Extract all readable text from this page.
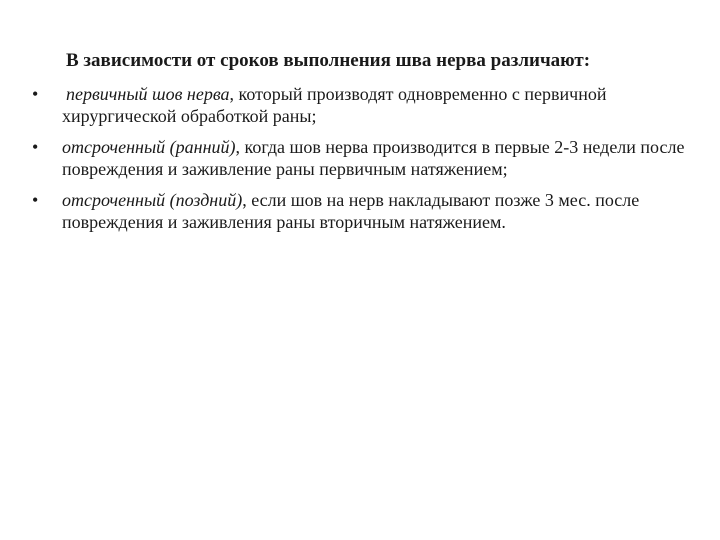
В зависимости от сроков выполнения шва нерва различают:
• первичный шов нерва, который производят одновременно с первичной хирургической обработкой раны;
• отсроченный (ранний), когда шов нерва производится в первые 2-3 недели после повреждения и заживление раны первичным натяжением;
• отсроченный (поздний), если шов на нерв накладывают позже 3 мес. после повреждения и заживления раны вторичным натяжением.
